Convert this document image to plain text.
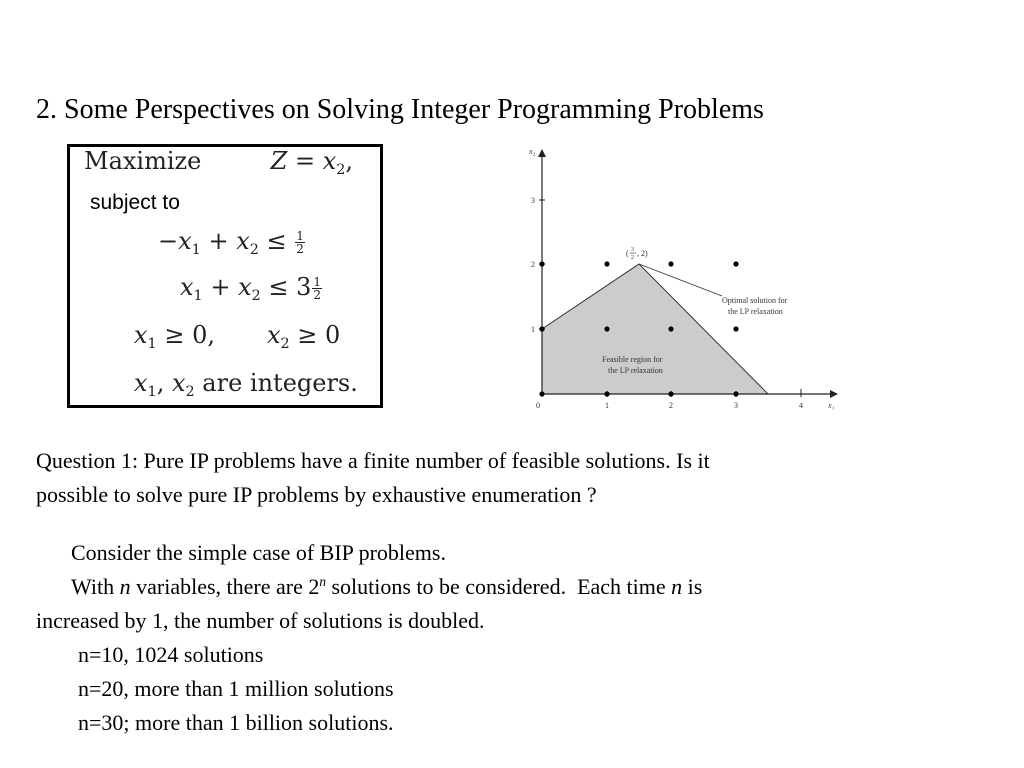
2. Some Perspectives on Solving Integer Programming Problems
Maximize	$Z = x_2$,
subject to
$-x_1 + x_2 \le \frac{1}{2}$
$x_1 + x_2 \le 3 \frac{1}{2}$
$x_1 \ge 0$, $x_2 \ge 0$
$x_1$, $x_2$ are integers.
0	1	2	3	4
1
2
3
x₁
x₂
( 3
2 , 2)
Optimal solution for
the LP relaxation
Feasible region for
the LP relaxation
Question 1: Pure IP problems have a finite number of feasible solutions. Is it
possible to solve pure IP problems by exhaustive enumeration ?
Consider the simple case of BIP problems.
With n variables, there are 2$^n$ solutions to be considered.  Each time n is
increased by 1, the number of solutions is doubled.
n=10, 1024 solutions
n=20, more than 1 million solutions
n=30; more than 1 billion solutions.
